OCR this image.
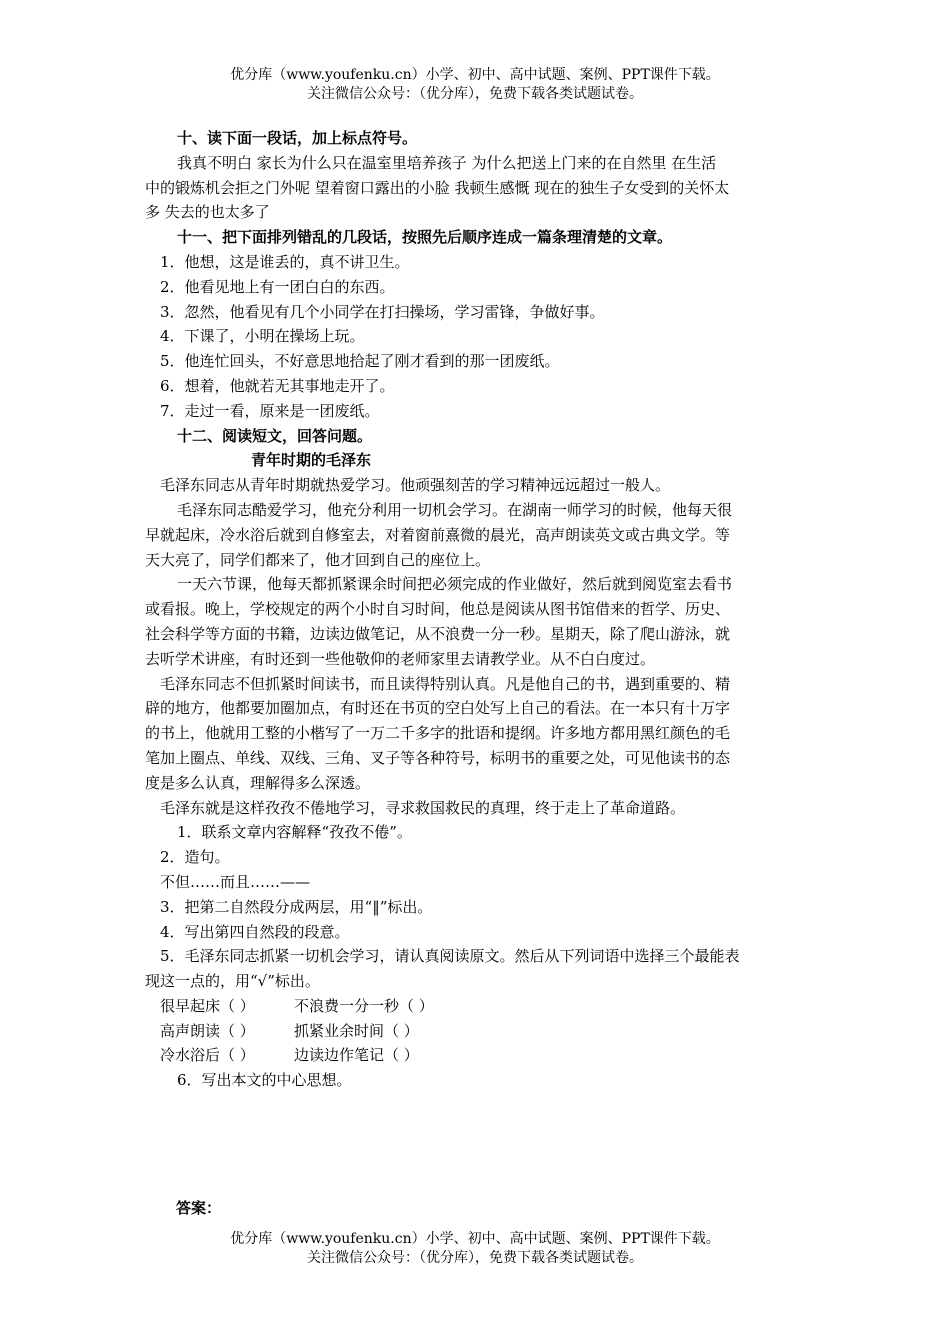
优分库（www.youfenku.cn）小学、初中、高中试题、案例、PPT课件下载。
关注微信公众号：（优分库），免费下载各类试题试卷。
十、读下面一段话，加上标点符号。
我真不明白 家长为什么只在温室里培养孩子 为什么把送上门来的在自然里 在生活
中的锻炼机会拒之门外呢 望着窗口露出的小脸 我顿生感慨 现在的独生子女受到的关怀太
多 失去的也太多了
十一、把下面排列错乱的几段话，按照先后顺序连成一篇条理清楚的文章。
1．他想，这是谁丢的，真不讲卫生。
2．他看见地上有一团白白的东西。
3．忽然，他看见有几个小同学在打扫操场，学习雷锋，争做好事。
4．下课了，小明在操场上玩。
5．他连忙回头，不好意思地拾起了刚才看到的那一团废纸。
6．想着，他就若无其事地走开了。
7．走过一看，原来是一团废纸。
十二、阅读短文，回答问题。
青年时期的毛泽东
毛泽东同志从青年时期就热爱学习。他顽强刻苦的学习精神远远超过一般人。
毛泽东同志酷爱学习，他充分利用一切机会学习。在湖南一师学习的时候，他每天很
早就起床，冷水浴后就到自修室去，对着窗前熹微的晨光，高声朗读英文或古典文学。等
天大亮了，同学们都来了，他才回到自己的座位上。
一天六节课，他每天都抓紧课余时间把必须完成的作业做好，然后就到阅览室去看书
或看报。晚上，学校规定的两个小时自习时间，他总是阅读从图书馆借来的哲学、历史、
社会科学等方面的书籍，边读边做笔记，从不浪费一分一秒。星期天，除了爬山游泳，就
去听学术讲座，有时还到一些他敬仰的老师家里去请教学业。从不白白度过。
毛泽东同志不但抓紧时间读书，而且读得特别认真。凡是他自己的书，遇到重要的、精
辟的地方，他都要加圈加点，有时还在书页的空白处写上自己的看法。在一本只有十万字
的书上，他就用工整的小楷写了一万二千多字的批语和提纲。许多地方都用黑红颜色的毛
笔加上圈点、单线、双线、三角、叉子等各种符号，标明书的重要之处，可见他读书的态
度是多么认真，理解得多么深透。
毛泽东就是这样孜孜不倦地学习，寻求救国救民的真理，终于走上了革命道路。
1．联系文章内容解释“孜孜不倦”。
2．造句。
不但……而且……——
3．把第二自然段分成两层，用“‖”标出。
4．写出第四自然段的段意。
5．毛泽东同志抓紧一切机会学习，请认真阅读原文。然后从下列词语中选择三个最能表
现这一点的，用“√”标出。
很早起床（ ）	不浪费一分一秒（ ）
高声朗读（ ）	抓紧业余时间（ ）
冷水浴后（ ）	边读边作笔记（ ）
6．写出本文的中心思想。
答案：
优分库（www.youfenku.cn）小学、初中、高中试题、案例、PPT课件下载。
关注微信公众号：（优分库），免费下载各类试题试卷。
